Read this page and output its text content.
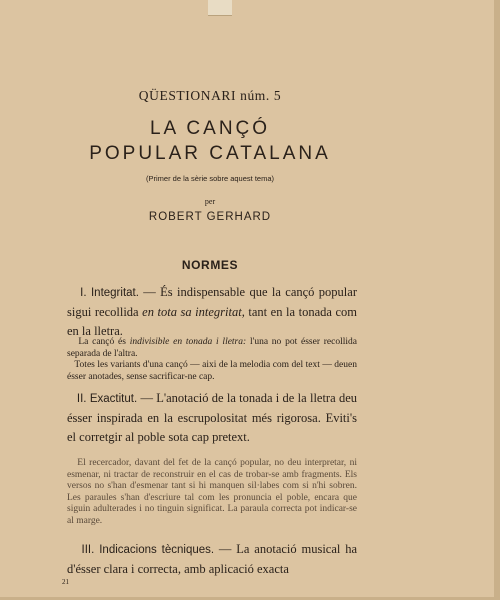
QÜESTIONARI núm. 5
LA CANÇÓ
POPULAR CATALANA
(Primer de la sèrie sobre aquest tema)
per
ROBERT GERHARD
NORMES
I. Integritat. — És indispensable que la cançó popular sigui recollida en tota sa integritat, tant en la tonada com en la lletra.
La cançó és indivisible en tonada i lletra: l'una no pot ésser recollida separada de l'altra.
Totes les variants d'una cançó — aixi de la melodia com del text — deuen ésser anotades, sense sacrificar-ne cap.
II. Exactitut. — L'anotació de la tonada i de la lletra deu ésser inspirada en la escrupolositat més rigorosa. Eviti's el corretgir al poble sota cap pretext.
El recercador, davant del fet de la cançó popular, no deu interpretar, ni esmenar, ni tractar de reconstruir en el cas de trobar-se amb fragments. Els versos no s'han d'esmenar tant si hi manquen sil·labes com si n'hi sobren. Les paraules s'han d'escriure tal com les pronuncia el poble, encara que siguin adulterades i no tinguin significat. La paraula correcta pot indicar-se al marge.
III. Indicacions tècniques. — La anotació musical ha d'ésser clara i correcta, amb aplicació exacta
21
